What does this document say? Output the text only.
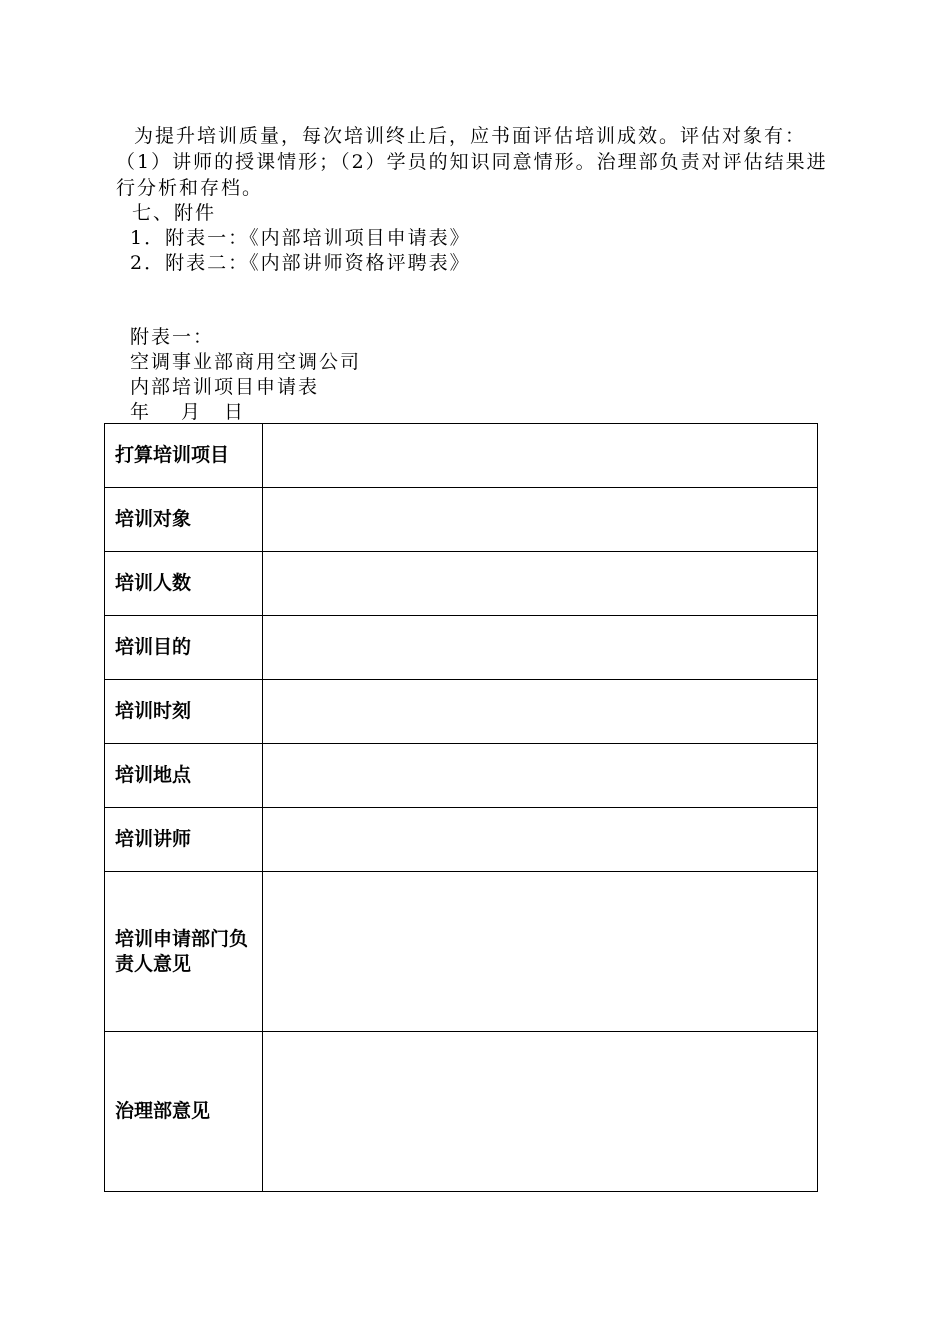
为提升培训质量，每次培训终止后，应书面评估培训成效。评估对象有：（1）讲师的授课情形；（2）学员的知识同意情形。治理部负责对评估结果进行分析和存档。

七、附件
1．附表一：《内部培训项目申请表》
2．附表二：《内部讲师资格评聘表》
附表一：
空调事业部商用空调公司
内部培训项目申请表
年 月 日
打算培训项目	
培训对象	
培训人数	
培训目的	
培训时刻	
培训地点	
培训讲师	
培训申请部门负责人意见	
治理部意见	
